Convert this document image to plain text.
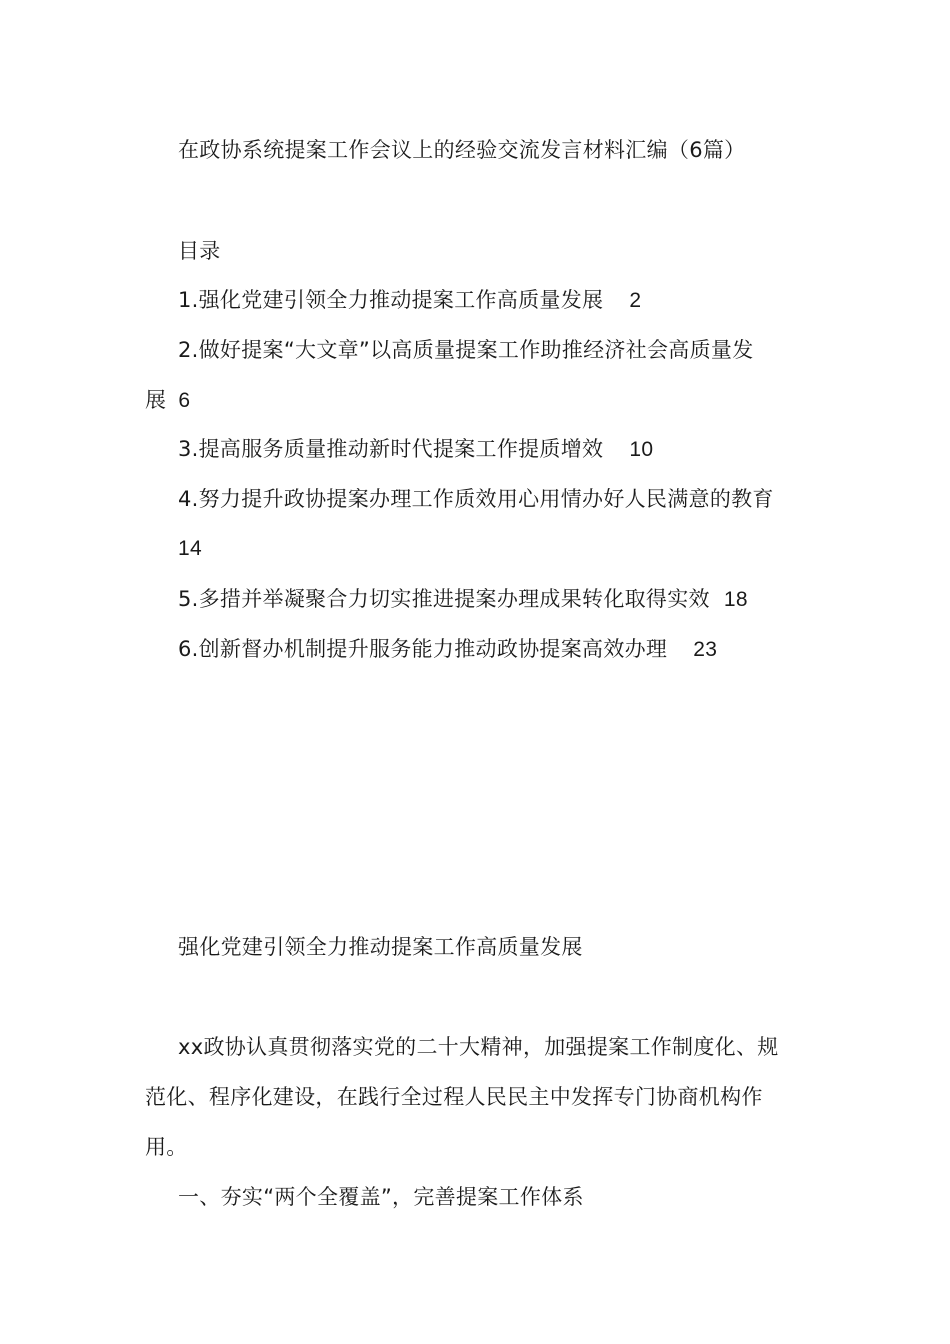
在政协系统提案工作会议上的经验交流发言材料汇编（6篇）
目录
1.强化党建引领全力推动提案工作高质量发展 2
2.做好提案“大文章”以高质量提案工作助推经济社会高质量发
展 6
3.提高服务质量推动新时代提案工作提质增效 10
4.努力提升政协提案办理工作质效用心用情办好人民满意的教育
14
5.多措并举凝聚合力切实推进提案办理成果转化取得实效 18
6.创新督办机制提升服务能力推动政协提案高效办理 23
强化党建引领全力推动提案工作高质量发展
xx政协认真贯彻落实党的二十大精神，加强提案工作制度化、规
范化、程序化建设，在践行全过程人民民主中发挥专门协商机构作
用。
一、夯实“两个全覆盖”，完善提案工作体系
